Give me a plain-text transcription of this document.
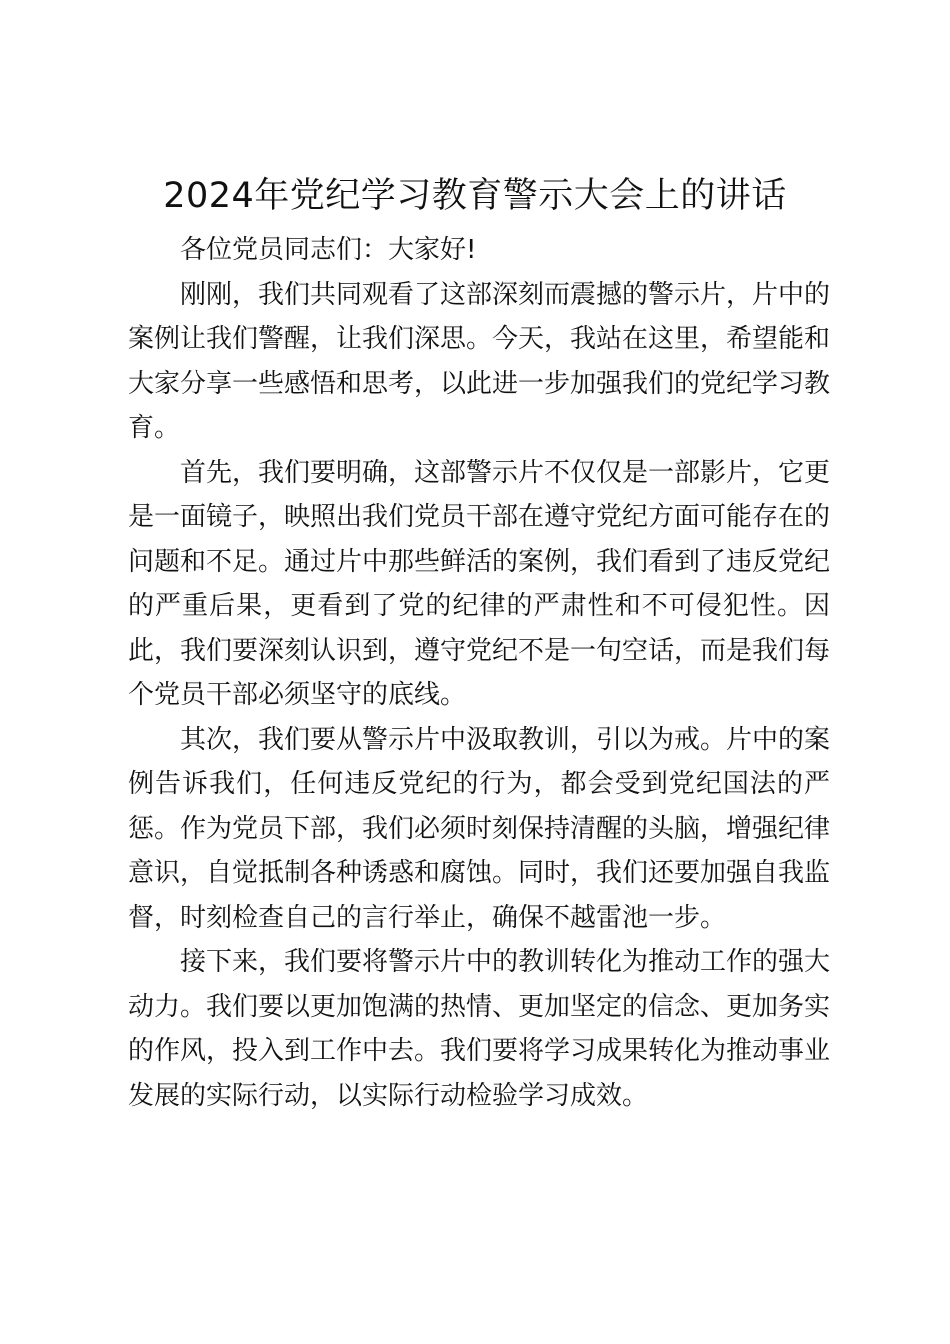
2024年党纪学习教育警示大会上的讲话

各位党员同志们：大家好!

刚刚，我们共同观看了这部深刻而震撼的警示片，片中的案例让我们警醒，让我们深思。今天，我站在这里，希望能和大家分享一些感悟和思考，以此进一步加强我们的党纪学习教育。

首先，我们要明确，这部警示片不仅仅是一部影片，它更是一面镜子，映照出我们党员干部在遵守党纪方面可能存在的问题和不足。通过片中那些鲜活的案例，我们看到了违反党纪的严重后果，更看到了党的纪律的严肃性和不可侵犯性。因此，我们要深刻认识到，遵守党纪不是一句空话，而是我们每个党员干部必须坚守的底线。

其次，我们要从警示片中汲取教训，引以为戒。片中的案例告诉我们，任何违反党纪的行为，都会受到党纪国法的严惩。作为党员下部，我们必须时刻保持清醒的头脑，增强纪律意识，自觉抵制各种诱惑和腐蚀。同时，我们还要加强自我监督，时刻检查自己的言行举止，确保不越雷池一步。

接下来，我们要将警示片中的教训转化为推动工作的强大动力。我们要以更加饱满的热情、更加坚定的信念、更加务实的作风，投入到工作中去。我们要将学习成果转化为推动事业发展的实际行动，以实际行动检验学习成效。
